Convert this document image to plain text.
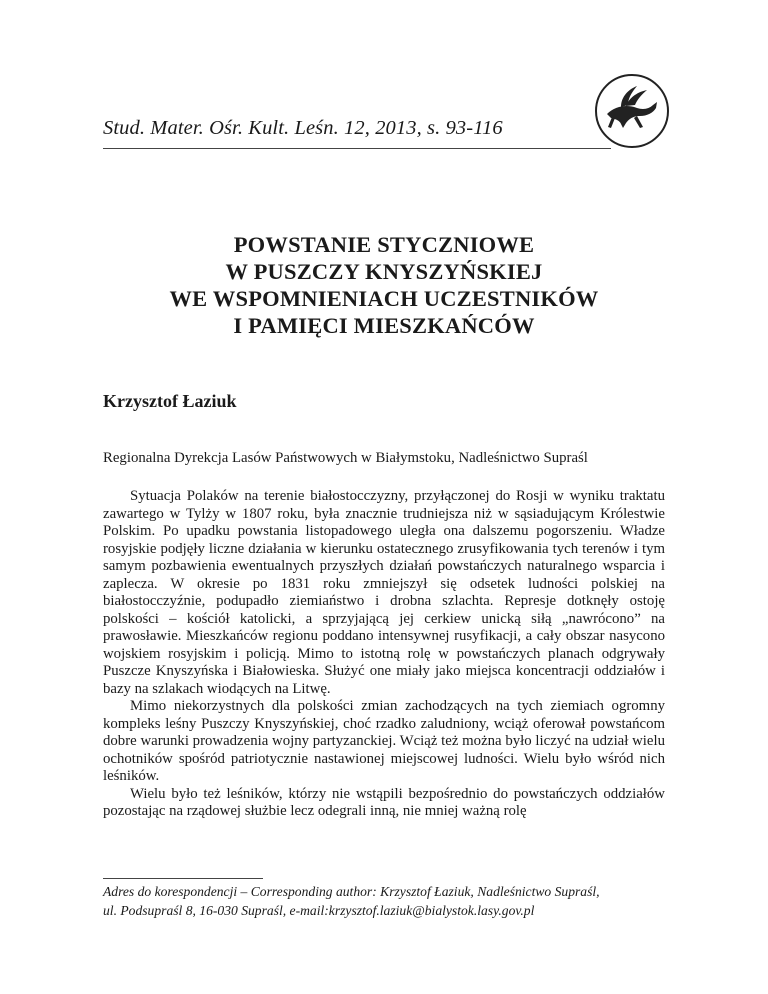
Stud. Mater. Ośr. Kult. Leśn. 12, 2013, s. 93-116
POWSTANIE STYCZNIOWE
W PUSZCZY KNYSZYŃSKIEJ
WE WSPOMNIENIACH UCZESTNIKÓW
I PAMIĘCI MIESZKAŃCÓW
Krzysztof Łaziuk
Regionalna Dyrekcja Lasów Państwowych w Białymstoku, Nadleśnictwo Supraśl

Sytuacja Polaków na terenie białostocczyzny, przyłączonej do Rosji w wyniku traktatu zawartego w Tylży w 1807 roku, była znacznie trudniejsza niż w sąsiadującym Królestwie Polskim. Po upadku powstania listopadowego uległa ona dalszemu pogorszeniu. Władze rosyjskie podjęły liczne działania w kierunku ostatecznego zrusyfikowania tych terenów i tym samym pozbawienia ewentualnych przyszłych działań powstańczych naturalnego wsparcia i zaplecza. W okresie po 1831 roku zmniejszył się odsetek ludności polskiej na białostocczyźnie, podupadło ziemiaństwo i drobna szlachta. Represje dotknęły ostoję polskości – kościół katolicki, a sprzyjającą jej cerkiew unicką siłą „nawrócono” na prawosławie. Mieszkańców regionu poddano intensywnej rusyfikacji, a cały obszar nasycono wojskiem rosyjskim i policją. Mimo to istotną rolę w powstańczych planach odgrywały Puszcze Knyszyńska i Białowieska. Służyć one miały jako miejsca koncentracji oddziałów i bazy na szlakach wiodących na Litwę.

Mimo niekorzystnych dla polskości zmian zachodzących na tych ziemiach ogromny kompleks leśny Puszczy Knyszyńskiej, choć rzadko zaludniony, wciąż oferował powstańcom dobre warunki prowadzenia wojny partyzanckiej. Wciąż też można było liczyć na udział wielu ochotników spośród patriotycznie nastawionej miejscowej ludności. Wielu było wśród nich leśników.

Wielu było też leśników, którzy nie wstąpili bezpośrednio do powstańczych oddziałów pozostając na rządowej służbie lecz odegrali inną, nie mniej ważną rolę

Adres do korespondencji – Corresponding author: Krzysztof Łaziuk, Nadleśnictwo Supraśl,
ul. Podsupraśl 8, 16-030 Supraśl, e-mail:krzysztof.laziuk@bialystok.lasy.gov.pl
